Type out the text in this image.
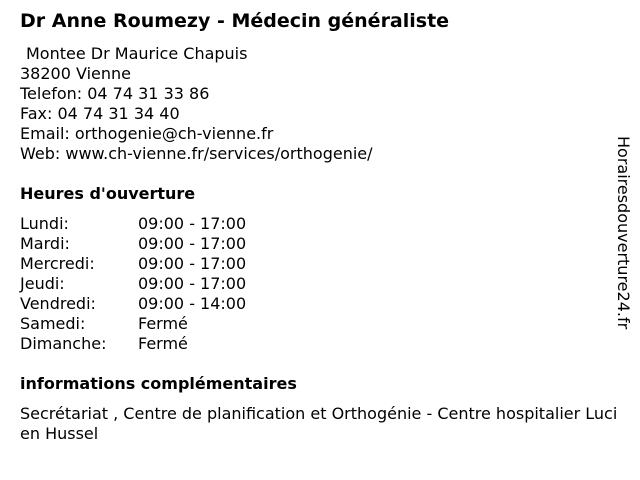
Dr Anne Roumezy - Médecin généraliste
Montee Dr Maurice Chapuis
38200 Vienne
Telefon: 04 74 31 33 86
Fax: 04 74 31 34 40
Email: orthogenie@ch-vienne.fr
Web: www.ch-vienne.fr/services/orthogenie/
Heures d'ouverture
Lundi:	09:00 - 17:00
Mardi:	09:00 - 17:00
Mercredi:	09:00 - 17:00
Jeudi:	09:00 - 17:00
Vendredi:	09:00 - 14:00
Samedi:	Fermé
Dimanche: Fermé
informations complémentaires
Secrétariat , Centre de planification et Orthogénie - Centre hospitalier Lucien Hussel
Horairesdouverture24.fr
